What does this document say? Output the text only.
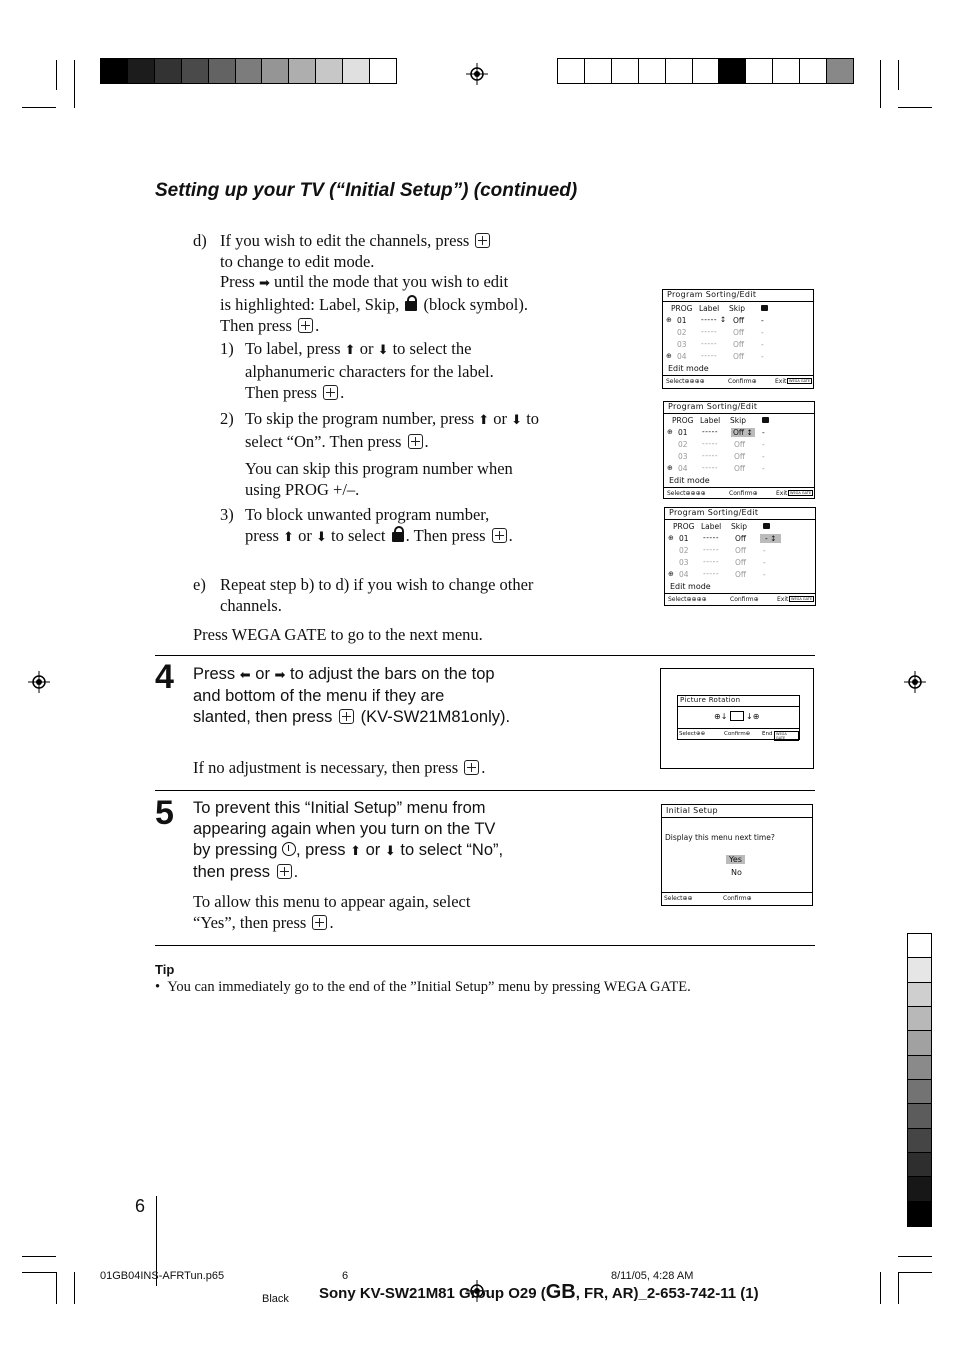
Setting up your TV (“Initial Setup”) (continued)
d) If you wish to edit the channels, press
to change to edit mode.
Press ➡ until the mode that you wish to edit
is highlighted: Label, Skip, (block symbol).
Then press .
1) To label, press ⬆ or ⬇ to select the
alphanumeric characters for the label.
Then press .
2) To skip the program number, press ⬆ or ⬇ to
select “On”. Then press .
You can skip this program number when
using PROG +/–.
3) To block unwanted program number,
press ⬆ or ⬇ to select . Then press .
e) Repeat step b) to d) if you wish to change other
channels.
Press WEGA GATE to go to the next menu.
Program Sorting/Edit
PROG Label Skip
⊕ 01 ----- ↕ Off -
02 ----- Off -
03 ----- Off -
⊕ 04 ----- Off -
Edit mode
Select⊕⊕⊕⊕	Confirm⊕	Exit WEGA GATE
Program Sorting/Edit
PROG Label Skip
⊕ 01 ----- Off ↕ -
02 ----- Off -
03 ----- Off -
⊕ 04 ----- Off -
Edit mode
Select⊕⊕⊕⊕	Confirm⊕	Exit WEGA GATE
Program Sorting/Edit
PROG Label Skip
⊕ 01 ----- Off	- ↕
02 ----- Off -
03 ----- Off -
⊕ 04 ----- Off -
Edit mode
Select⊕⊕⊕⊕	Confirm⊕	Exit WEGA GATE
4
5
Press ⬅ or ➡ to adjust the bars on the top
and bottom of the menu if they are
slanted, then press (KV-SW21M81only).
If no adjustment is necessary, then press .
Picture Rotation
⊕↓ ↓⊕
Select⊕⊕	Confirm⊕ End	WEGA GATE
To prevent this “Initial Setup” menu from
appearing again when you turn on the TV
by pressing , press ⬆ or ⬇ to select “No”,
then press .
To allow this menu to appear again, select
“Yes”, then press .
Initial Setup
Display this menu next time?
Yes
No
Select⊕⊕	Confirm⊕
Tip
• You can immediately go to the end of the ”Initial Setup” menu by pressing WEGA GATE.
6
01GB04INS-AFRTun.p65	6	8/11/05, 4:28 AM
Black Sony KV-SW21M81 Group O29 (GB, FR, AR)_2-653-742-11 (1)
